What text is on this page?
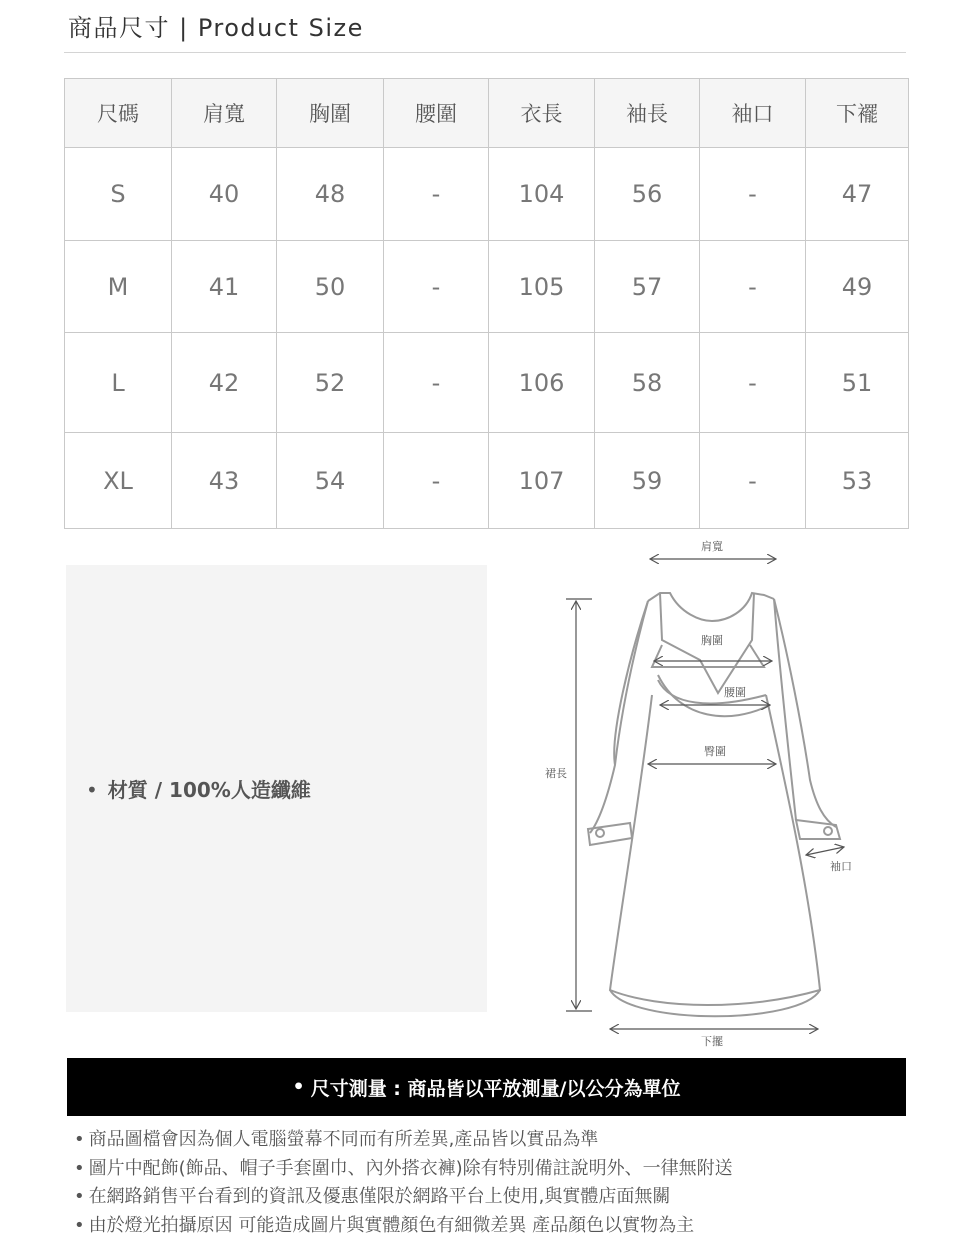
商品尺寸 | Product Size
尺碼	肩寬	胸圍	腰圍	衣長	袖長	袖口	下襬
S	40	48	-	104	56	-	47
M	41	50	-	105	57	-	49
L	42	52	-	106	58	-	51
XL	43	54	-	107	59	-	53
• 材質 / 100%人造纖維
肩寬
胸圍
腰圍
臀圍
裙長
袖口
下擺
• 尺寸測量 : 商品皆以平放測量/以公分為單位
• 商品圖檔會因為個人電腦螢幕不同而有所差異,產品皆以實品為準
• 圖片中配飾(飾品、帽子手套圍巾、內外搭衣褲)除有特別備註說明外、一律無附送
• 在網路銷售平台看到的資訊及優惠僅限於網路平台上使用,與實體店面無關
• 由於燈光拍攝原因 可能造成圖片與實體顏色有細微差異 產品顏色以實物為主
